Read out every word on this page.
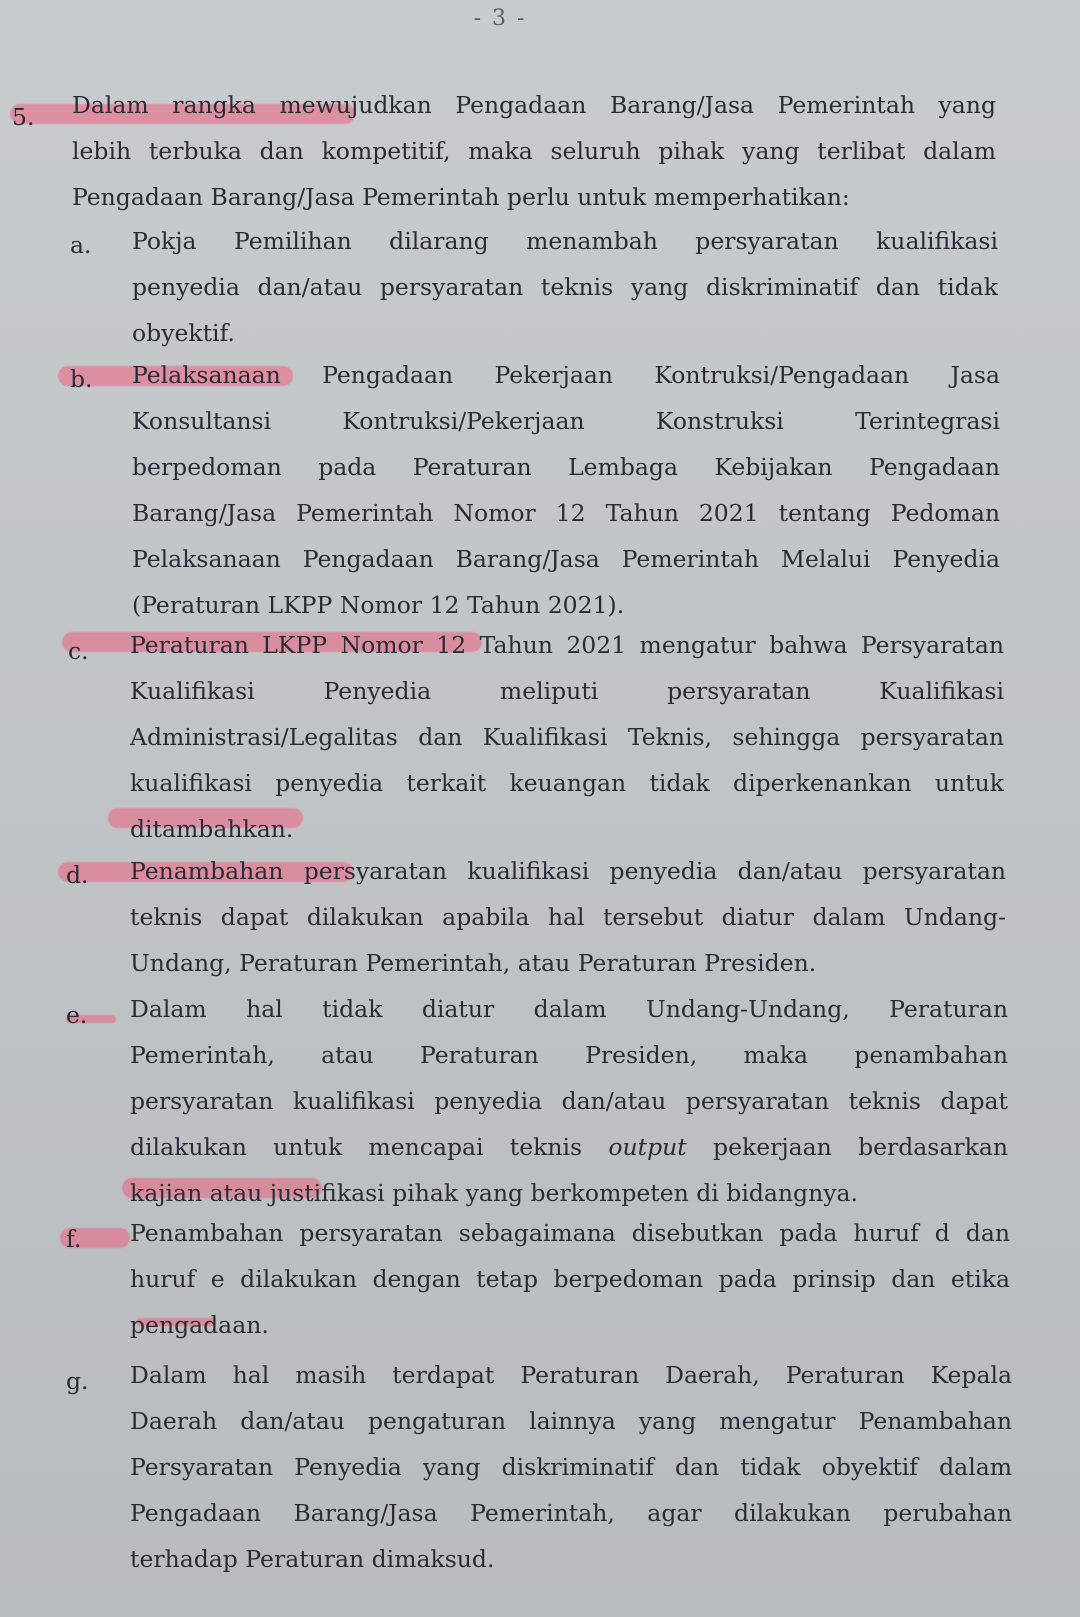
- 3 -
5. Dalam rangka mewujudkan Pengadaan Barang/Jasa Pemerintah yang
lebih terbuka dan kompetitif, maka seluruh pihak yang terlibat dalam
Pengadaan Barang/Jasa Pemerintah perlu untuk memperhatikan:
a. Pokja Pemilihan dilarang menambah persyaratan kualifikasi
penyedia dan/atau persyaratan teknis yang diskriminatif dan tidak
obyektif.
b. Pelaksanaan Pengadaan Pekerjaan Kontruksi/Pengadaan Jasa
Konsultansi Kontruksi/Pekerjaan Konstruksi Terintegrasi
berpedoman pada Peraturan Lembaga Kebijakan Pengadaan
Barang/Jasa Pemerintah Nomor 12 Tahun 2021 tentang Pedoman
Pelaksanaan Pengadaan Barang/Jasa Pemerintah Melalui Penyedia
(Peraturan LKPP Nomor 12 Tahun 2021).
c. Peraturan LKPP Nomor 12 Tahun 2021 mengatur bahwa Persyaratan
Kualifikasi Penyedia meliputi persyaratan Kualifikasi
Administrasi/Legalitas dan Kualifikasi Teknis, sehingga persyaratan
kualifikasi penyedia terkait keuangan tidak diperkenankan untuk
ditambahkan.
d. Penambahan persyaratan kualifikasi penyedia dan/atau persyaratan
teknis dapat dilakukan apabila hal tersebut diatur dalam Undang-
Undang, Peraturan Pemerintah, atau Peraturan Presiden.
e. Dalam hal tidak diatur dalam Undang-Undang, Peraturan
Pemerintah, atau Peraturan Presiden, maka penambahan
persyaratan kualifikasi penyedia dan/atau persyaratan teknis dapat
dilakukan untuk mencapai teknis output pekerjaan berdasarkan
kajian atau justifikasi pihak yang berkompeten di bidangnya.
f. Penambahan persyaratan sebagaimana disebutkan pada huruf d dan
huruf e dilakukan dengan tetap berpedoman pada prinsip dan etika
pengadaan.
g. Dalam hal masih terdapat Peraturan Daerah, Peraturan Kepala
Daerah dan/atau pengaturan lainnya yang mengatur Penambahan
Persyaratan Penyedia yang diskriminatif dan tidak obyektif dalam
Pengadaan Barang/Jasa Pemerintah, agar dilakukan perubahan
terhadap Peraturan dimaksud.
